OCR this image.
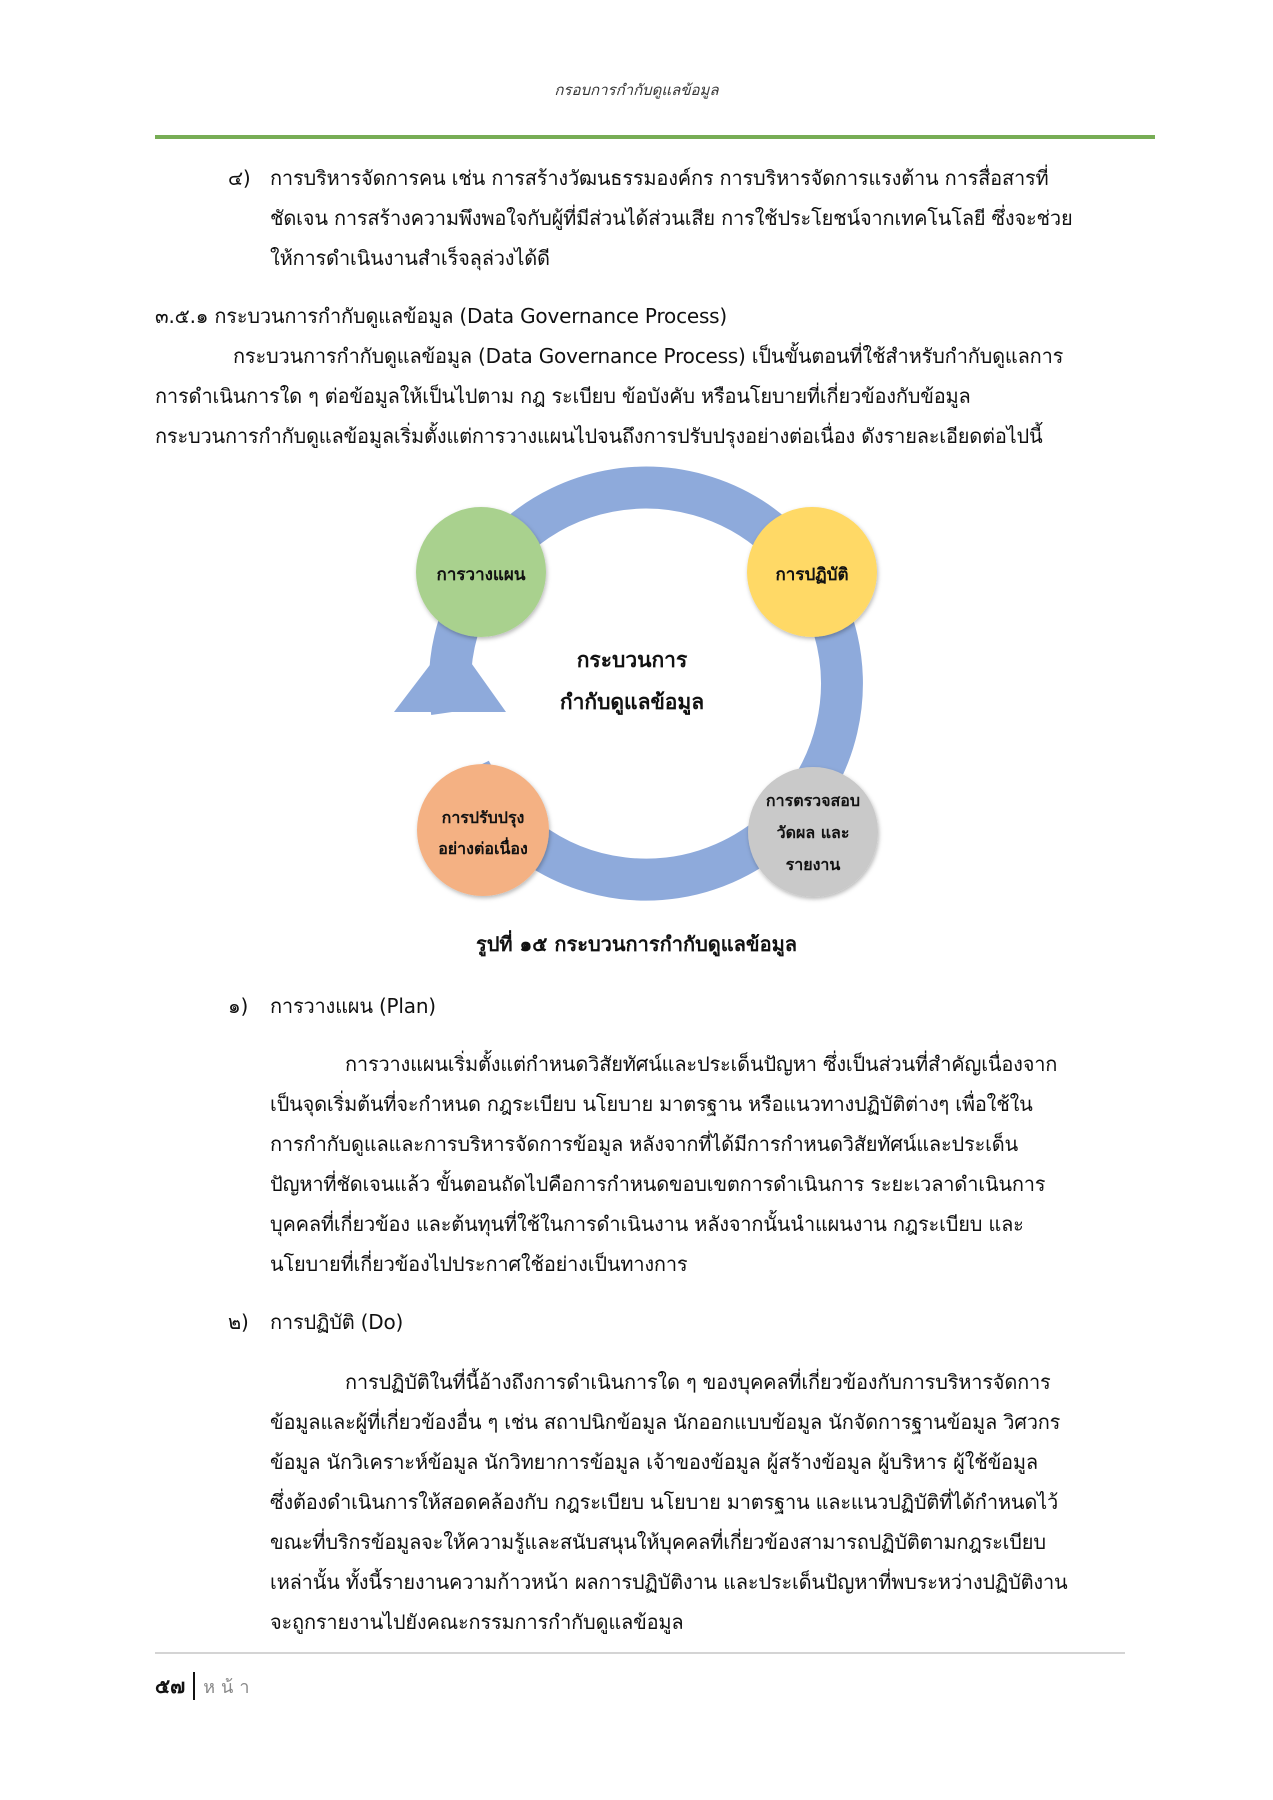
กรอบการกำกับดูแลข้อมูล
๔) การบริหารจัดการคน เช่น การสร้างวัฒนธรรมองค์กร การบริหารจัดการแรงต้าน การสื่อสารที่
ชัดเจน การสร้างความพึงพอใจกับผู้ที่มีส่วนได้ส่วนเสีย การใช้ประโยชน์จากเทคโนโลยี ซึ่งจะช่วย
ให้การดำเนินงานสำเร็จลุล่วงได้ดี
๓.๕.๑ กระบวนการกำกับดูแลข้อมูล (Data Governance Process)
กระบวนการกำกับดูแลข้อมูล (Data Governance Process) เป็นขั้นตอนที่ใช้สำหรับกำกับดูแลการ
การดำเนินการใด ๆ ต่อข้อมูลให้เป็นไปตาม กฎ ระเบียบ ข้อบังคับ หรือนโยบายที่เกี่ยวข้องกับข้อมูล
กระบวนการกำกับดูแลข้อมูลเริ่มตั้งแต่การวางแผนไปจนถึงการปรับปรุงอย่างต่อเนื่อง ดังรายละเอียดต่อไปนี้
การวางแผน	การปฏิบัติ
การตรวจสอบ
วัดผล และ
รายงาน
การปรับปรุง
อย่างต่อเนื่อง
กระบวนการ
กำกับดูแลข้อมูล
รูปที่ ๑๕ กระบวนการกำกับดูแลข้อมูล
๑) การวางแผน (Plan)
การวางแผนเริ่มตั้งแต่กำหนดวิสัยทัศน์และประเด็นปัญหา ซึ่งเป็นส่วนที่สำคัญเนื่องจาก
เป็นจุดเริ่มต้นที่จะกำหนด กฎระเบียบ นโยบาย มาตรฐาน หรือแนวทางปฏิบัติต่างๆ เพื่อใช้ใน
การกำกับดูแลและการบริหารจัดการข้อมูล หลังจากที่ได้มีการกำหนดวิสัยทัศน์และประเด็น
ปัญหาที่ชัดเจนแล้ว ขั้นตอนถัดไปคือการกำหนดขอบเขตการดำเนินการ ระยะเวลาดำเนินการ
บุคคลที่เกี่ยวข้อง และต้นทุนที่ใช้ในการดำเนินงาน หลังจากนั้นนำแผนงาน กฎระเบียบ และ
นโยบายที่เกี่ยวข้องไปประกาศใช้อย่างเป็นทางการ
๒) การปฏิบัติ (Do)
การปฏิบัติในที่นี้อ้างถึงการดำเนินการใด ๆ ของบุคคลที่เกี่ยวข้องกับการบริหารจัดการ
ข้อมูลและผู้ที่เกี่ยวข้องอื่น ๆ เช่น สถาปนิกข้อมูล นักออกแบบข้อมูล นักจัดการฐานข้อมูล วิศวกร
ข้อมูล นักวิเคราะห์ข้อมูล นักวิทยาการข้อมูล เจ้าของข้อมูล ผู้สร้างข้อมูล ผู้บริหาร ผู้ใช้ข้อมูล
ซึ่งต้องดำเนินการให้สอดคล้องกับ กฎระเบียบ นโยบาย มาตรฐาน และแนวปฏิบัติที่ได้กำหนดไว้
ขณะที่บริกรข้อมูลจะให้ความรู้และสนับสนุนให้บุคคลที่เกี่ยวข้องสามารถปฏิบัติตามกฎระเบียบ
เหล่านั้น ทั้งนี้รายงานความก้าวหน้า ผลการปฏิบัติงาน และประเด็นปัญหาที่พบระหว่างปฏิบัติงาน
จะถูกรายงานไปยังคณะกรรมการกำกับดูแลข้อมูล
๕๗ หน้า
